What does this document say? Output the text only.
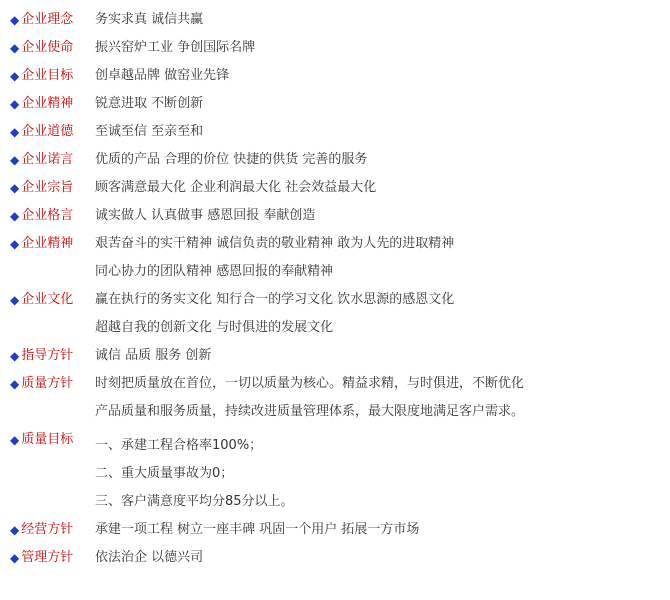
◆ 企业理念 务实求真 诚信共赢
◆ 企业使命 振兴窑炉工业 争创国际名牌
◆ 企业目标 创卓越品牌 做窑业先锋
◆ 企业精神 锐意进取 不断创新
◆ 企业道德 至诚至信 至亲至和
◆ 企业诺言 优质的产品 合理的价位 快捷的供货 完善的服务
◆ 企业宗旨 顾客满意最大化 企业利润最大化 社会效益最大化
◆ 企业格言 诚实做人 认真做事 感恩回报 奉献创造
◆ 企业精神 艰苦奋斗的实干精神 诚信负责的敬业精神 敢为人先的进取精神
同心协力的团队精神 感恩回报的奉献精神
◆ 企业文化 赢在执行的务实文化 知行合一的学习文化 饮水思源的感恩文化
超越自我的创新文化 与时俱进的发展文化
◆ 指导方针 诚信 品质 服务 创新
◆ 质量方针 时刻把质量放在首位，一切以质量为核心。精益求精，与时俱进，不断优化
产品质量和服务质量，持续改进质量管理体系，最大限度地满足客户需求。
◆ 质量目标 一、承建工程合格率100%；
二、重大质量事故为0；
三、客户满意度平均分85分以上。
◆ 经营方针 承建一项工程 树立一座丰碑 巩固一个用户 拓展一方市场
◆ 管理方针 依法治企 以德兴司
